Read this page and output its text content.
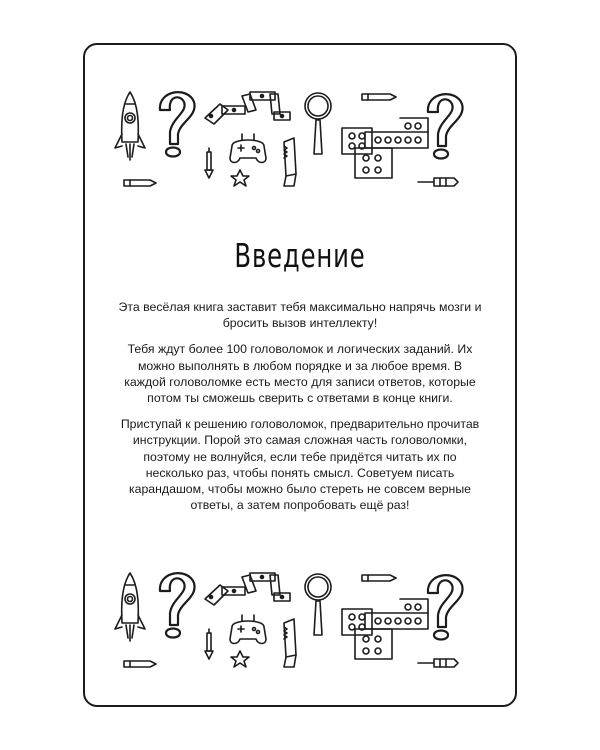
Введение

Эта весёлая книга заставит тебя максимально напрячь мозги и бросить вызов интеллекту!

Тебя ждут более 100 головоломок и логических заданий. Их можно выполнять в любом порядке и за любое время. В каждой головоломке есть место для записи ответов, которые потом ты сможешь сверить с ответами в конце книги.

Приступай к решению головоломок, предварительно прочитав инструкции. Порой это самая сложная часть головоломки, поэтому не волнуйся, если тебе придётся читать их по несколько раз, чтобы понять смысл. Советуем писать карандашом, чтобы можно было стереть не совсем верные ответы, а затем попробовать ещё раз!
